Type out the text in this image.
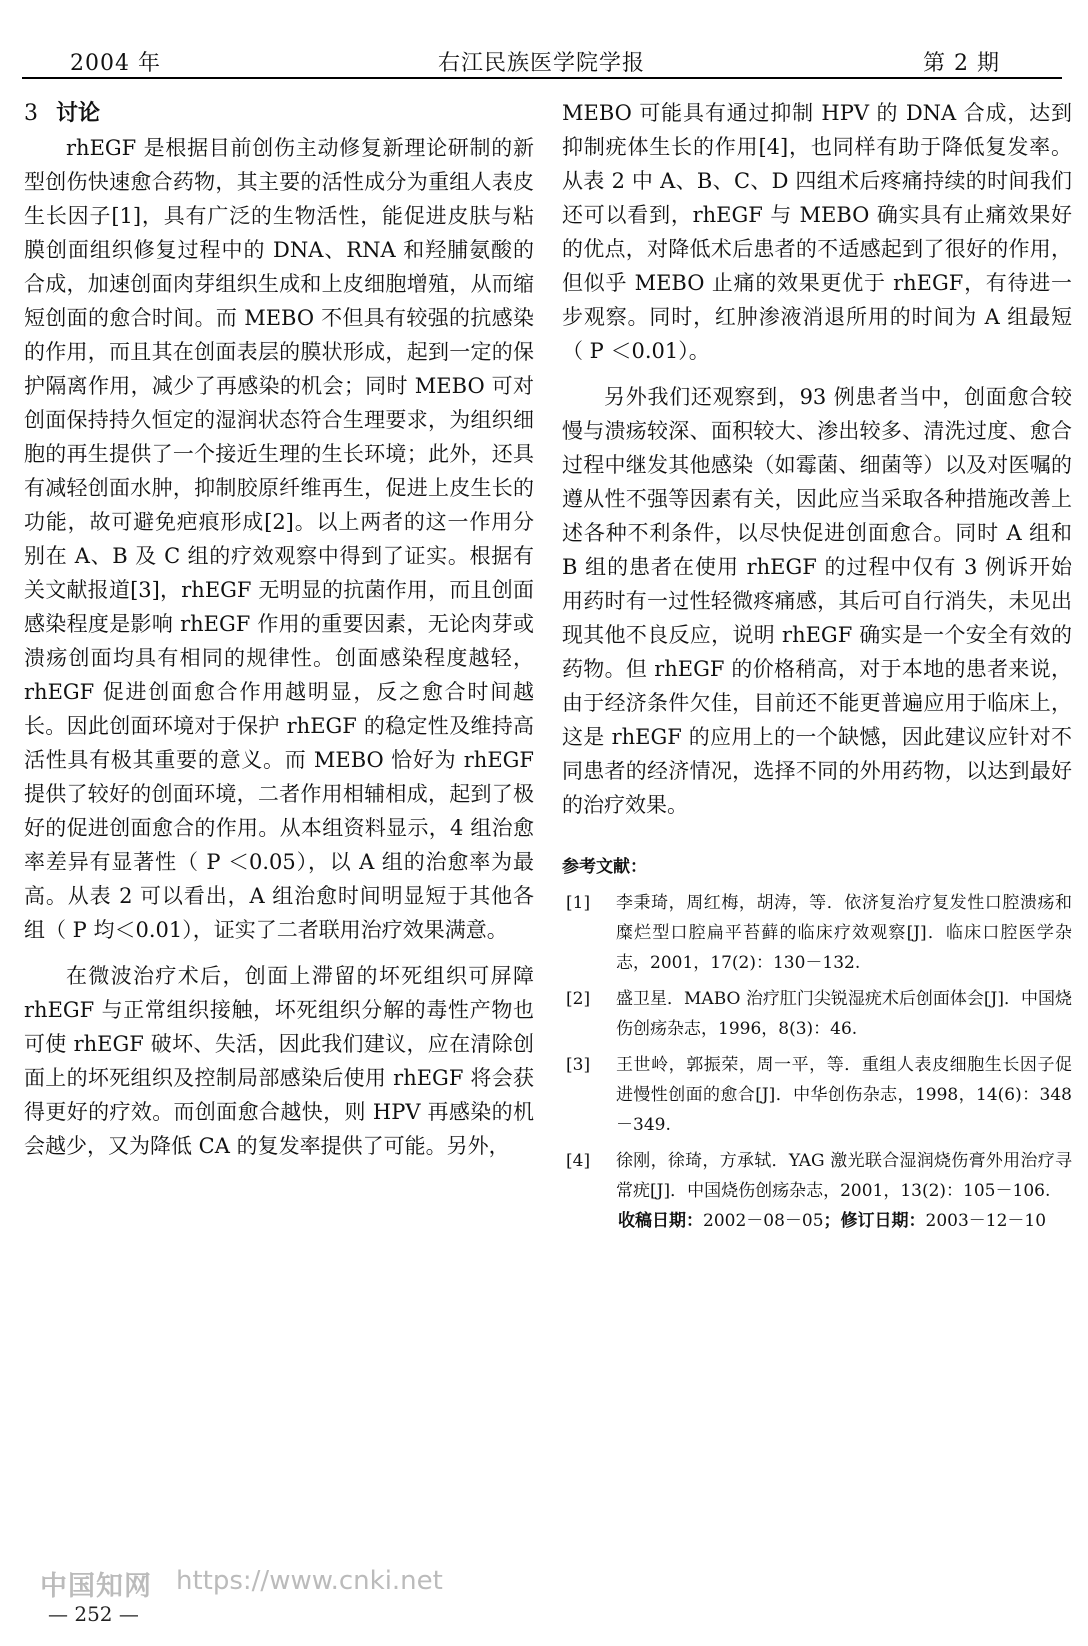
2004 年	右江民族医学院学报	第 2 期
3 讨论

rhEGF 是根据目前创伤主动修复新理论研制的新型创伤快速愈合药物，其主要的活性成分为重组人表皮生长因子[1]，具有广泛的生物活性，能促进皮肤与粘膜创面组织修复过程中的 DNA、RNA 和羟脯氨酸的合成，加速创面肉芽组织生成和上皮细胞增殖，从而缩短创面的愈合时间。而 MEBO 不但具有较强的抗感染的作用，而且其在创面表层的膜状形成，起到一定的保护隔离作用，减少了再感染的机会；同时 MEBO 可对创面保持持久恒定的湿润状态符合生理要求，为组织细胞的再生提供了一个接近生理的生长环境；此外，还具有减轻创面水肿，抑制胶原纤维再生，促进上皮生长的功能，故可避免疤痕形成[2]。以上两者的这一作用分别在 A、B 及 C 组的疗效观察中得到了证实。根据有关文献报道[3]，rhEGF 无明显的抗菌作用，而且创面感染程度是影响 rhEGF 作用的重要因素，无论肉芽或溃疡创面均具有相同的规律性。创面感染程度越轻，rhEGF 促进创面愈合作用越明显，反之愈合时间越长。因此创面环境对于保护 rhEGF 的稳定性及维持高活性具有极其重要的意义。而 MEBO 恰好为 rhEGF 提供了较好的创面环境，二者作用相辅相成，起到了极好的促进创面愈合的作用。从本组资料显示，4 组治愈率差异有显著性（ P ＜0.05），以 A 组的治愈率为最高。从表 2 可以看出，A 组治愈时间明显短于其他各组（ P 均＜0.01），证实了二者联用治疗效果满意。

在微波治疗术后，创面上滞留的坏死组织可屏障 rhEGF 与正常组织接触，坏死组织分解的毒性产物也可使 rhEGF 破坏、失活，因此我们建议，应在清除创面上的坏死组织及控制局部感染后使用 rhEGF 将会获得更好的疗效。而创面愈合越快，则 HPV 再感染的机会越少，又为降低 CA 的复发率提供了可能。另外，

MEBO 可能具有通过抑制 HPV 的 DNA 合成，达到抑制疣体生长的作用[4]，也同样有助于降低复发率。从表 2 中 A、B、C、D 四组术后疼痛持续的时间我们还可以看到，rhEGF 与 MEBO 确实具有止痛效果好的优点，对降低术后患者的不适感起到了很好的作用，但似乎 MEBO 止痛的效果更优于 rhEGF，有待进一步观察。同时，红肿渗液消退所用的时间为 A 组最短（ P ＜0.01）。

另外我们还观察到，93 例患者当中，创面愈合较慢与溃疡较深、面积较大、渗出较多、清洗过度、愈合过程中继发其他感染（如霉菌、细菌等）以及对医嘱的遵从性不强等因素有关，因此应当采取各种措施改善上述各种不利条件，以尽快促进创面愈合。同时 A 组和 B 组的患者在使用 rhEGF 的过程中仅有 3 例诉开始用药时有一过性轻微疼痛感，其后可自行消失，未见出现其他不良反应，说明 rhEGF 确实是一个安全有效的药物。但 rhEGF 的价格稍高，对于本地的患者来说，由于经济条件欠佳，目前还不能更普遍应用于临床上，这是 rhEGF 的应用上的一个缺憾，因此建议应针对不同患者的经济情况，选择不同的外用药物，以达到最好的治疗效果。

参考文献：
[1] 李秉琦，周红梅，胡涛，等．依济复治疗复发性口腔溃疡和糜烂型口腔扁平苔藓的临床疗效观察[J]．临床口腔医学杂志，2001，17(2)：130－132.
[2] 盛卫星．MABO 治疗肛门尖锐湿疣术后创面体会[J]．中国烧伤创疡杂志，1996，8(3)：46.
[3] 王世岭，郭振荣，周一平，等．重组人表皮细胞生长因子促进慢性创面的愈合[J]．中华创伤杂志，1998，14(6)：348－349.
[4] 徐刚，徐琦，方承轼．YAG 激光联合湿润烧伤膏外用治疗寻常疣[J]．中国烧伤创疡杂志，2001，13(2)：105－106.
收稿日期：2002－08－05；修订日期：2003－12－10
中国知网 https://www.cnki.net
— 252 —
